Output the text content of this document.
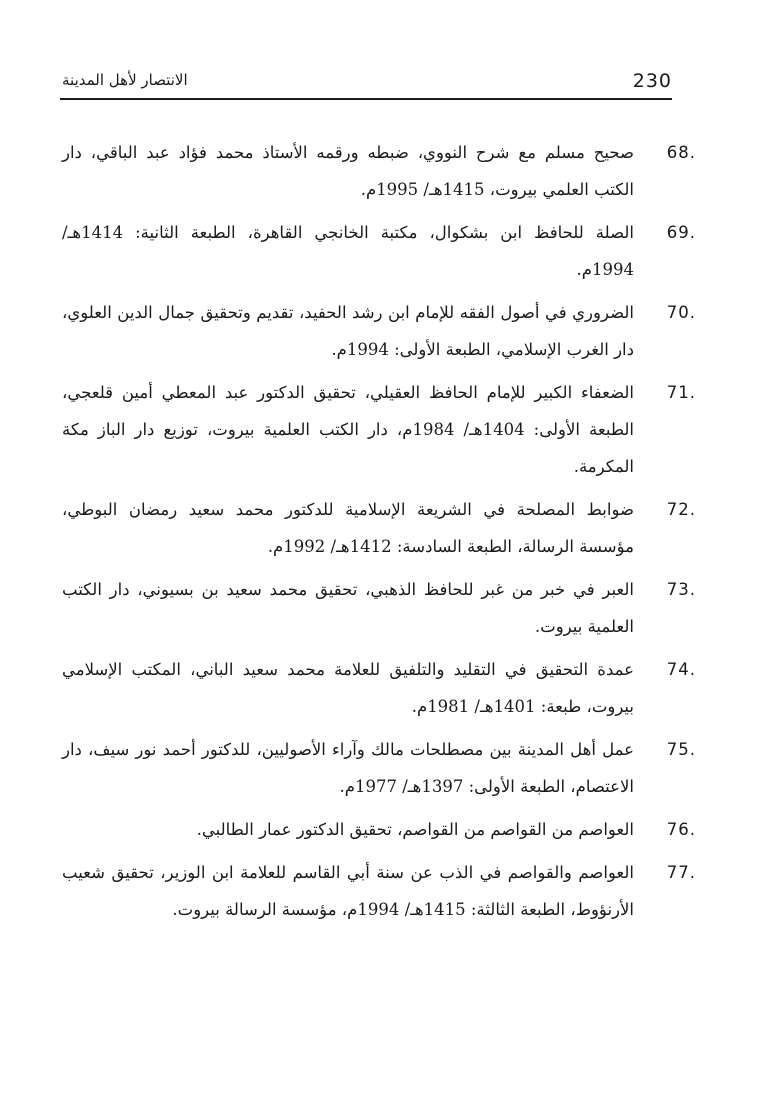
230
الانتصار لأهل المدينة
68.
صحيح مسلم مع شرح النووي، ضبطه ورقمه الأستاذ محمد فؤاد عبد الباقي، دار الكتب العلمي بيروت، 1415هـ/ 1995م.
69.
الصلة للحافظ ابن بشكوال، مكتبة الخانجي القاهرة، الطبعة الثانية: 1414هـ/ 1994م.
70.
الضروري في أصول الفقه للإمام ابن رشد الحفيد، تقديم وتحقيق جمال الدين العلوي، دار الغرب الإسلامي، الطبعة الأولى: 1994م.
71.
الضعفاء الكبير للإمام الحافظ العقيلي، تحقيق الدكتور عبد المعطي أمين قلعجي، الطبعة الأولى: 1404هـ/ 1984م، دار الكتب العلمية بيروت، توزيع دار الباز مكة المكرمة.
72.
ضوابط المصلحة في الشريعة الإسلامية للدكتور محمد سعيد رمضان البوطي، مؤسسة الرسالة، الطبعة السادسة: 1412هـ/ 1992م.
73.
العبر في خبر من غبر للحافظ الذهبي، تحقيق محمد سعيد بن بسيوني، دار الكتب العلمية بيروت.
74.
عمدة التحقيق في التقليد والتلفيق للعلامة محمد سعيد الباني، المكتب الإسلامي بيروت، طبعة: 1401هـ/ 1981م.
75.
عمل أهل المدينة بين مصطلحات مالك وآراء الأصوليين، للدكتور أحمد نور سيف، دار الاعتصام، الطبعة الأولى: 1397هـ/ 1977م.
76.
العواصم من القواصم من القواصم، تحقيق الدكتور عمار الطالبي.
77.
العواصم والقواصم في الذب عن سنة أبي القاسم للعلامة ابن الوزير، تحقيق شعيب الأرنؤوط، الطبعة الثالثة: 1415هـ/ 1994م، مؤسسة الرسالة بيروت.
